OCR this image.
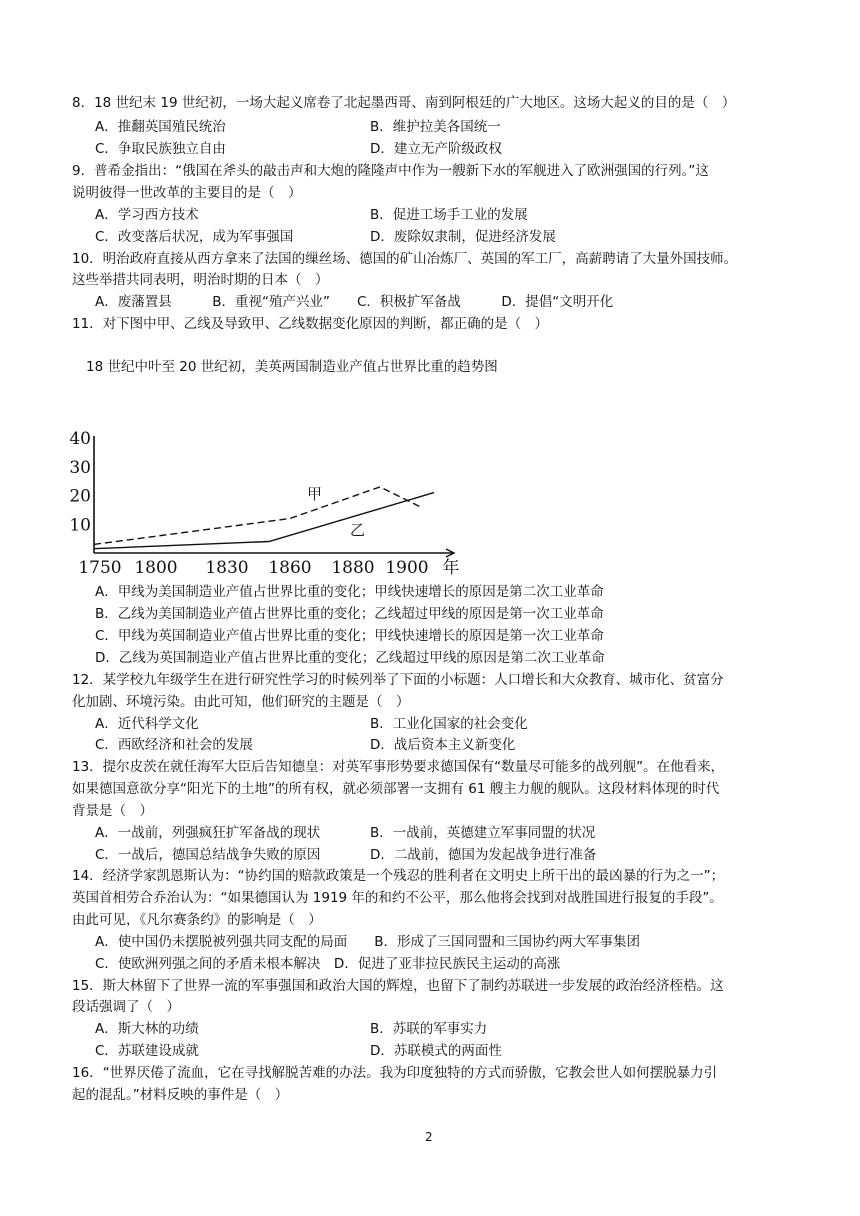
8．18 世纪末 19 世纪初，一场大起义席卷了北起墨西哥、南到阿根廷的广大地区。这场大起义的目的是（　）
A．推翻英国殖民统治	B．维护拉美各国统一
C．争取民族独立自由	D．建立无产阶级政权
9．普希金指出：“俄国在斧头的敲击声和大炮的隆隆声中作为一艘新下水的军舰进入了欧洲强国的行列。”这
说明彼得一世改革的主要目的是（　）
A．学习西方技术	B．促进工场手工业的发展
C．改变落后状况，成为军事强国	D．废除奴隶制，促进经济发展
10．明治政府直接从西方拿来了法国的缫丝场、德国的矿山冶炼厂、英国的军工厂，高薪聘请了大量外国技师。
这些举措共同表明，明治时期的日本（　）
A．废藩置县　　　B．重视“殖产兴业”　　C．积极扩军备战　　　D．提倡“文明开化
11．对下图中甲、乙线及导致甲、乙线数据变化原因的判断，都正确的是（　）
18 世纪中叶至 20 世纪初，美英两国制造业产值占世界比重的趋势图
10
20
30
40
1750 1800 1830 1860 1880 1900 年
甲
乙
A．甲线为美国制造业产值占世界比重的变化；甲线快速增长的原因是第二次工业革命
B．乙线为美国制造业产值占世界比重的变化；乙线超过甲线的原因是第一次工业革命
C．甲线为英国制造业产值占世界比重的变化；甲线快速增长的原因是第一次工业革命
D．乙线为英国制造业产值占世界比重的变化；乙线超过甲线的原因是第二次工业革命
12．某学校九年级学生在进行研究性学习的时候列举了下面的小标题：人口增长和大众教育、城市化、贫富分
化加剧、环境污染。由此可知，他们研究的主题是（　）
A．近代科学文化	B．工业化国家的社会变化
C．西欧经济和社会的发展	D．战后资本主义新变化
13．提尔皮茨在就任海军大臣后告知德皇：对英军事形势要求德国保有“数量尽可能多的战列舰”。在他看来，
如果德国意欲分享“阳光下的土地”的所有权，就必须部署一支拥有 61 艘主力舰的舰队。这段材料体现的时代
背景是（　）
A．一战前，列强疯狂扩军备战的现状	B．一战前，英德建立军事同盟的状况
C．一战后，德国总结战争失败的原因	D．二战前，德国为发起战争进行准备
14．经济学家凯恩斯认为：“协约国的赔款政策是一个残忍的胜利者在文明史上所干出的最凶暴的行为之一”；
英国首相劳合乔治认为：“如果德国认为 1919 年的和约不公平，那么他将会找到对战胜国进行报复的手段”。
由此可见，《凡尔赛条约》的影响是（　）
A．使中国仍未摆脱被列强共同支配的局面　　B．形成了三国同盟和三国协约两大军事集团
C．使欧洲列强之间的矛盾未根本解决　D．促进了亚非拉民族民主运动的高涨
15．斯大林留下了世界一流的军事强国和政治大国的辉煌，也留下了制约苏联进一步发展的政治经济桎梏。这
段话强调了（　）
A．斯大林的功绩	B．苏联的军事实力
C．苏联建设成就	D．苏联模式的两面性
16．“世界厌倦了流血，它在寻找解脱苦难的办法。我为印度独特的方式而骄傲，它教会世人如何摆脱暴力引
起的混乱。”材料反映的事件是（　）
2
